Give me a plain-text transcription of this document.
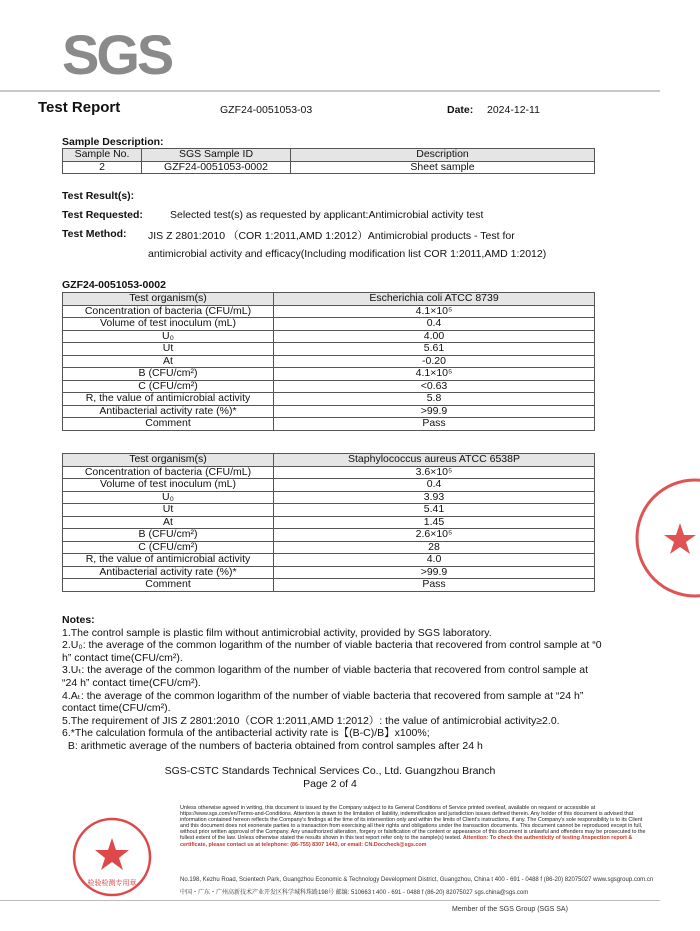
SGS
Test Report	GZF24-0051053-03	Date: 2024-12-11
Sample Description:
Sample No.	SGS Sample ID	Description
2	GZF24-0051053-0002	Sheet sample
Test Result(s):
Test Requested:	Selected test(s) as requested by applicant:Antimicrobial activity test
Test Method: JIS Z 2801:2010 （COR 1:2011,AMD 1:2012）Antimicrobial products - Test for
antimicrobial activity and efficacy(Including modification list COR 1:2011,AMD 1:2012)
GZF24-0051053-0002
Test organism(s)	Escherichia coli ATCC 8739
Concentration of bacteria (CFU/mL)	4.1×10⁵
Volume of test inoculum (mL)	0.4
U₀	4.00
Ut	5.61
At	-0.20
B (CFU/cm²)	4.1×10⁵
C (CFU/cm²)	<0.63
R, the value of antimicrobial activity	5.8
Antibacterial activity rate (%)*	>99.9
Comment	Pass
Test organism(s)	Staphylococcus aureus ATCC 6538P
Concentration of bacteria (CFU/mL)	3.6×10⁵
Volume of test inoculum (mL)	0.4
U₀	3.93
Ut	5.41
At	1.45
B (CFU/cm²)	2.6×10⁵
C (CFU/cm²)	28
R, the value of antimicrobial activity	4.0
Antibacterial activity rate (%)*	>99.9
Comment	Pass

Notes:

1.The control sample is plastic film without antimicrobial activity, provided by SGS laboratory.

2.U₀: the average of the common logarithm of the number of viable bacteria that recovered from control sample at “0 h” contact time(CFU/cm²).

3.Uₜ: the average of the common logarithm of the number of viable bacteria that recovered from control sample at “24 h” contact time(CFU/cm²).

4.Aₜ: the average of the common logarithm of the number of viable bacteria that recovered from sample at “24 h” contact time(CFU/cm²).

5.The requirement of JIS Z 2801:2010（COR 1:2011,AMD 1:2012）: the value of antimicrobial activity≥2.0.

6.*The calculation formula of the antibacterial activity rate is【(B-C)/B】x100%;

B: arithmetic average of the numbers of bacteria obtained from control samples after 24 h

SGS-CSTC Standards Technical Services Co., Ltd. Guangzhou Branch
Page 2 of 4
检验检测专用章
Unless otherwise agreed in writing, this document is issued by the Company subject to its General Conditions of Service printed overleaf, available on request or accessible at https://www.sgs.com/en/Terms-and-Conditions. Attention is drawn to the limitation of liability, indemnification and jurisdiction issues defined therein. Any holder of this document is advised that information contained hereon reflects the Company's findings at the time of its intervention only and within the limits of Client's instructions, if any. The Company's sole responsibility is to its Client and this document does not exonerate parties to a transaction from exercising all their rights and obligations under the transaction documents. This document cannot be reproduced except in full, without prior written approval of the Company. Any unauthorized alteration, forgery or falsification of the content or appearance of this document is unlawful and offenders may be prosecuted to the fullest extent of the law. Unless otherwise stated the results shown in this test report refer only to the sample(s) tested. Attention: To check the authenticity of testing /inspection report & certificate, please contact us at telephone: (86-755) 8307 1443, or email: CN.Doccheck@sgs.com
No.198, Kezhu Road, Scientech Park, Guangzhou Economic & Technology Development District, Guangzhou, China t 400 - 691 - 0488 f (86-20) 82075027 www.sgsgroup.com.cn
中国・广东・广州高新技术产业开发区科学城科珠路198号 邮编: 510663 t 400 - 691 - 0488 f (86-20) 82075027 sgs.china@sgs.com
Member of the SGS Group (SGS SA)
